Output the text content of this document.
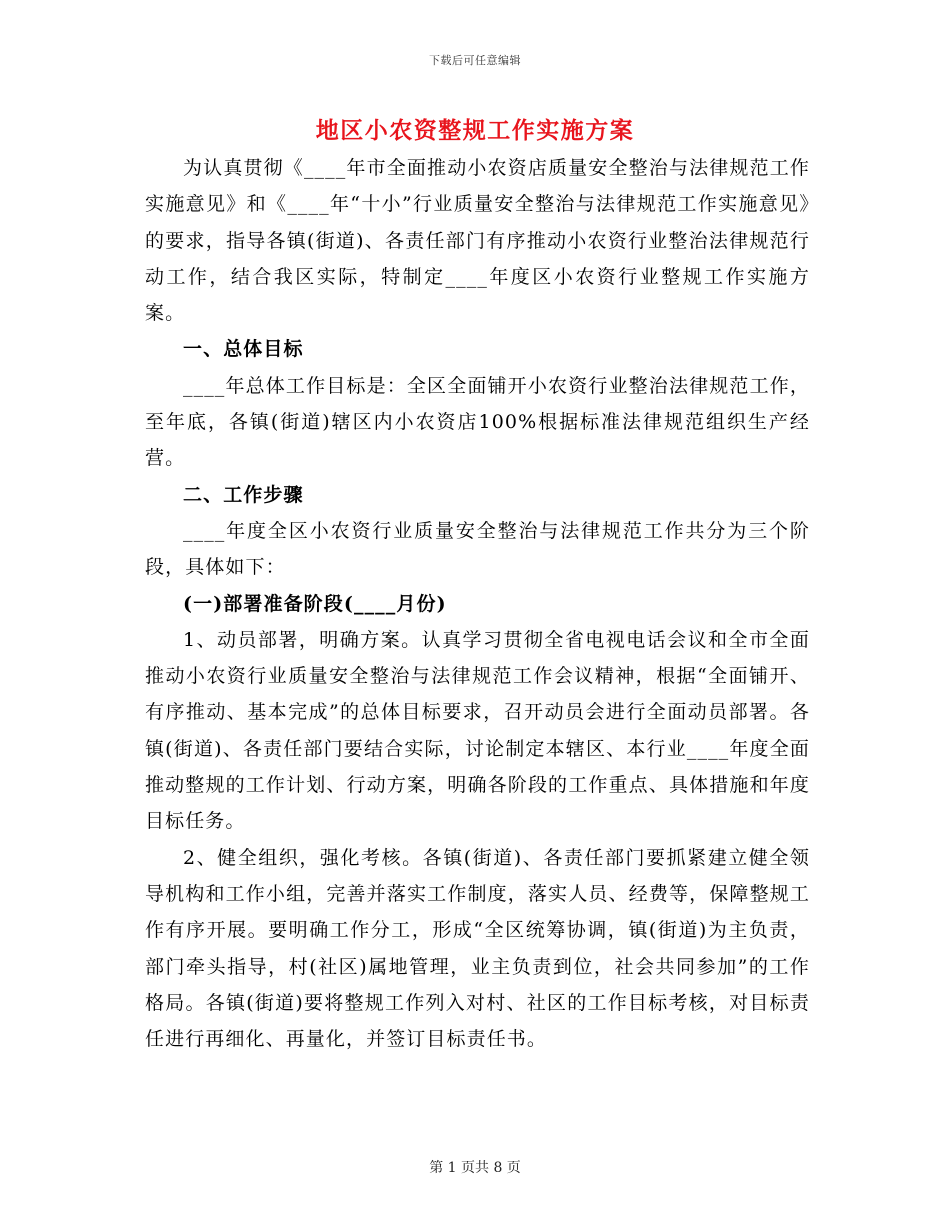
下载后可任意编辑
地区小农资整规工作实施方案

为认真贯彻《____年市全面推动小农资店质量安全整治与法律规范工作实施意见》和《____年“十小”行业质量安全整治与法律规范工作实施意见》的要求，指导各镇(街道)、各责任部门有序推动小农资行业整治法律规范行动工作，结合我区实际，特制定____年度区小农资行业整规工作实施方案。

一、总体目标

____年总体工作目标是：全区全面铺开小农资行业整治法律规范工作，至年底，各镇(街道)辖区内小农资店100%根据标准法律规范组织生产经营。

二、工作步骤

____年度全区小农资行业质量安全整治与法律规范工作共分为三个阶段，具体如下：

(一)部署准备阶段(____月份)

1、动员部署，明确方案。认真学习贯彻全省电视电话会议和全市全面推动小农资行业质量安全整治与法律规范工作会议精神，根据“全面铺开、有序推动、基本完成”的总体目标要求，召开动员会进行全面动员部署。各镇(街道)、各责任部门要结合实际，讨论制定本辖区、本行业____年度全面推动整规的工作计划、行动方案，明确各阶段的工作重点、具体措施和年度目标任务。

2、健全组织，强化考核。各镇(街道)、各责任部门要抓紧建立健全领导机构和工作小组，完善并落实工作制度，落实人员、经费等，保障整规工作有序开展。要明确工作分工，形成“全区统筹协调，镇(街道)为主负责，部门牵头指导，村(社区)属地管理，业主负责到位，社会共同参加”的工作格局。各镇(街道)要将整规工作列入对村、社区的工作目标考核，对目标责任进行再细化、再量化，并签订目标责任书。

第 1 页共 8 页
